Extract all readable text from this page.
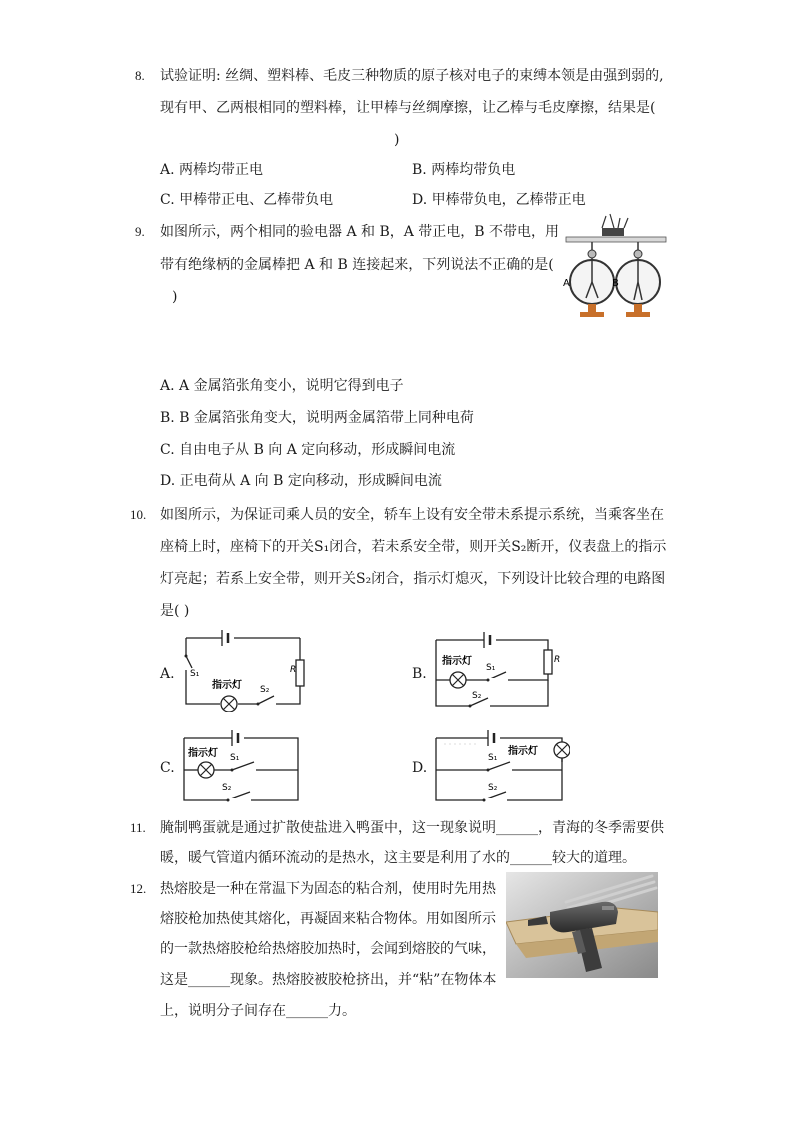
8. 试验证明: 丝绸、塑料棒、毛皮三种物质的原子核对电子的束缚本领是由强到弱的,
现有甲、乙两根相同的塑料棒，让甲棒与丝绸摩擦，让乙棒与毛皮摩擦，结果是(
)
A. 两棒均带正电	B. 两棒均带负电
C. 甲棒带正电、乙棒带负电	D. 甲棒带负电，乙棒带正电
9. 如图所示，两个相同的验电器 A 和 B，A 带正电，B 不带电，用
带有绝缘柄的金属棒把 A 和 B 连接起来，下列说法不正确的是(
)
A	B
A. A 金属箔张角变小，说明它得到电子
B. B 金属箔张角变大，说明两金属箔带上同种电荷
C. 自由电子从 B 向 A 定向移动，形成瞬间电流
D. 正电荷从 A 向 B 定向移动，形成瞬间电流
10. 如图所示，为保证司乘人员的安全，轿车上设有安全带未系提示系统，当乘客坐在
座椅上时，座椅下的开关S₁闭合，若未系安全带，则开关S₂断开，仪表盘上的指示
灯亮起；若系上安全带，则开关S₂闭合，指示灯熄灭，下列设计比较合理的电路图
是( )
A. S₁
指示灯 S₂
R	B.
指示灯
S₁
S₂
R
C.
指示灯 S₁
S₂
D.
指示灯
S₁
S₂
11. 腌制鸭蛋就是通过扩散使盐进入鸭蛋中，这一现象说明______，青海的冬季需要供
暖，暖气管道内循环流动的是热水，这主要是利用了水的______较大的道理。
12. 热熔胶是一种在常温下为固态的粘合剂，使用时先用热
熔胶枪加热使其熔化，再凝固来粘合物体。用如图所示
的一款热熔胶枪给热熔胶加热时，会闻到熔胶的气味，
这是______现象。热熔胶被胶枪挤出，并“粘”在物体本
上，说明分子间存在______力。
